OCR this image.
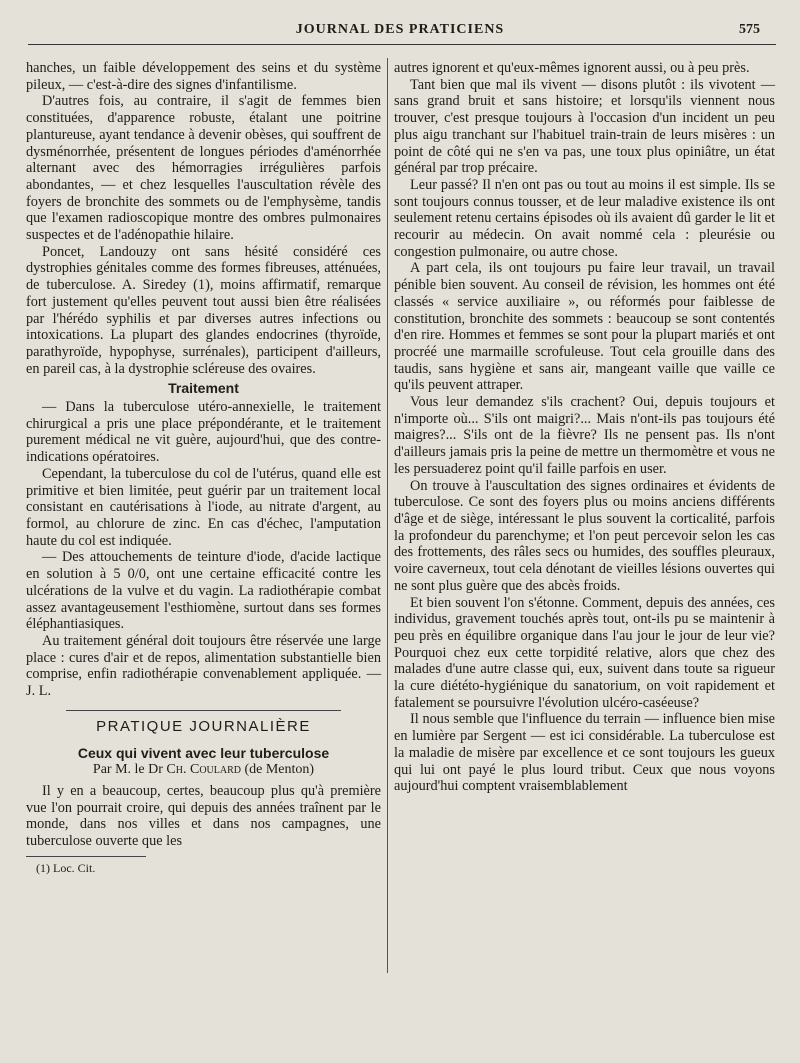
JOURNAL DES PRATICIENS	575

hanches, un faible développement des seins et du système pileux, — c'est-à-dire des signes d'infantilisme.

D'autres fois, au contraire, il s'agit de femmes bien constituées, d'apparence robuste, étalant une poitrine plantureuse, ayant tendance à devenir obèses, qui souffrent de dysménorrhée, présentent de longues périodes d'aménorrhée alternant avec des hémorragies irrégulières parfois abondantes, — et chez lesquelles l'auscultation révèle des foyers de bronchite des sommets ou de l'emphysème, tandis que l'examen radioscopique montre des ombres pulmonaires suspectes et de l'adénopathie hilaire.

Poncet, Landouzy ont sans hésité considéré ces dystrophies génitales comme des formes fibreuses, atténuées, de tuberculose. A. Siredey (1), moins affirmatif, remarque fort justement qu'elles peuvent tout aussi bien être réalisées par l'hérédo syphilis et par diverses autres infections ou intoxications. La plupart des glandes endocrines (thyroïde, parathyroïde, hypophyse, surrénales), participent d'ailleurs, en pareil cas, à la dystrophie scléreuse des ovaires.

Traitement

— Dans la tuberculose utéro-annexielle, le traitement chirurgical a pris une place prépondérante, et le traitement purement médical ne vit guère, aujourd'hui, que des contre-indications opératoires.

Cependant, la tuberculose du col de l'utérus, quand elle est primitive et bien limitée, peut guérir par un traitement local consistant en cautérisations à l'iode, au nitrate d'argent, au formol, au chlorure de zinc. En cas d'échec, l'amputation haute du col est indiquée.

— Des attouchements de teinture d'iode, d'acide lactique en solution à 5 0/0, ont une certaine efficacité contre les ulcérations de la vulve et du vagin. La radiothérapie combat assez avantageusement l'esthiomène, surtout dans ses formes éléphantiasiques.

Au traitement général doit toujours être réservée une large place : cures d'air et de repos, alimentation substantielle bien comprise, enfin radiothérapie convenablement appliquée. — J. L.

PRATIQUE JOURNALIÈRE
Ceux qui vivent avec leur tuberculose
Par M. le Dr Ch. Coulard (de Menton)

Il y en a beaucoup, certes, beaucoup plus qu'à première vue l'on pourrait croire, qui depuis des années traînent par le monde, dans nos villes et dans nos campagnes, une tuberculose ouverte que les

(1) Loc. Cit.

autres ignorent et qu'eux-mêmes ignorent aussi, ou à peu près.

Tant bien que mal ils vivent — disons plutôt : ils vivotent — sans grand bruit et sans histoire; et lorsqu'ils viennent nous trouver, c'est presque toujours à l'occasion d'un incident un peu plus aigu tranchant sur l'habituel train-train de leurs misères : un point de côté qui ne s'en va pas, une toux plus opiniâtre, un état général par trop précaire.

Leur passé? Il n'en ont pas ou tout au moins il est simple. Ils se sont toujours connus tousser, et de leur maladive existence ils ont seulement retenu certains épisodes où ils avaient dû garder le lit et recourir au médecin. On avait nommé cela : pleurésie ou congestion pulmonaire, ou autre chose.

A part cela, ils ont toujours pu faire leur travail, un travail pénible bien souvent. Au conseil de révision, les hommes ont été classés « service auxiliaire », ou réformés pour faiblesse de constitution, bronchite des sommets : beaucoup se sont contentés d'en rire. Hommes et femmes se sont pour la plupart mariés et ont procréé une marmaille scrofuleuse. Tout cela grouille dans des taudis, sans hygiène et sans air, mangeant vaille que vaille ce qu'ils peuvent attraper.

Vous leur demandez s'ils crachent? Oui, depuis toujours et n'importe où... S'ils ont maigri?... Mais n'ont-ils pas toujours été maigres?... S'ils ont de la fièvre? Ils ne pensent pas. Ils n'ont d'ailleurs jamais pris la peine de mettre un thermomètre et vous ne les persuaderez point qu'il faille parfois en user.

On trouve à l'auscultation des signes ordinaires et évidents de tuberculose. Ce sont des foyers plus ou moins anciens différents d'âge et de siège, intéressant le plus souvent la corticalité, parfois la profondeur du parenchyme; et l'on peut percevoir selon les cas des frottements, des râles secs ou humides, des souffles pleuraux, voire caverneux, tout cela dénotant de vieilles lésions ouvertes qui ne sont plus guère que des abcès froids.

Et bien souvent l'on s'étonne. Comment, depuis des années, ces individus, gravement touchés après tout, ont-ils pu se maintenir à peu près en équilibre organique dans l'au jour le jour de leur vie? Pourquoi chez eux cette torpidité relative, alors que chez des malades d'une autre classe qui, eux, suivent dans toute sa rigueur la cure diététo-hygiénique du sanatorium, on voit rapidement et fatalement se poursuivre l'évolution ulcéro-caséeuse?

Il nous semble que l'influence du terrain — influence bien mise en lumière par Sergent — est ici considérable. La tuberculose est la maladie de misère par excellence et ce sont toujours les gueux qui lui ont payé le plus lourd tribut. Ceux que nous voyons aujourd'hui comptent vraisemblablement
